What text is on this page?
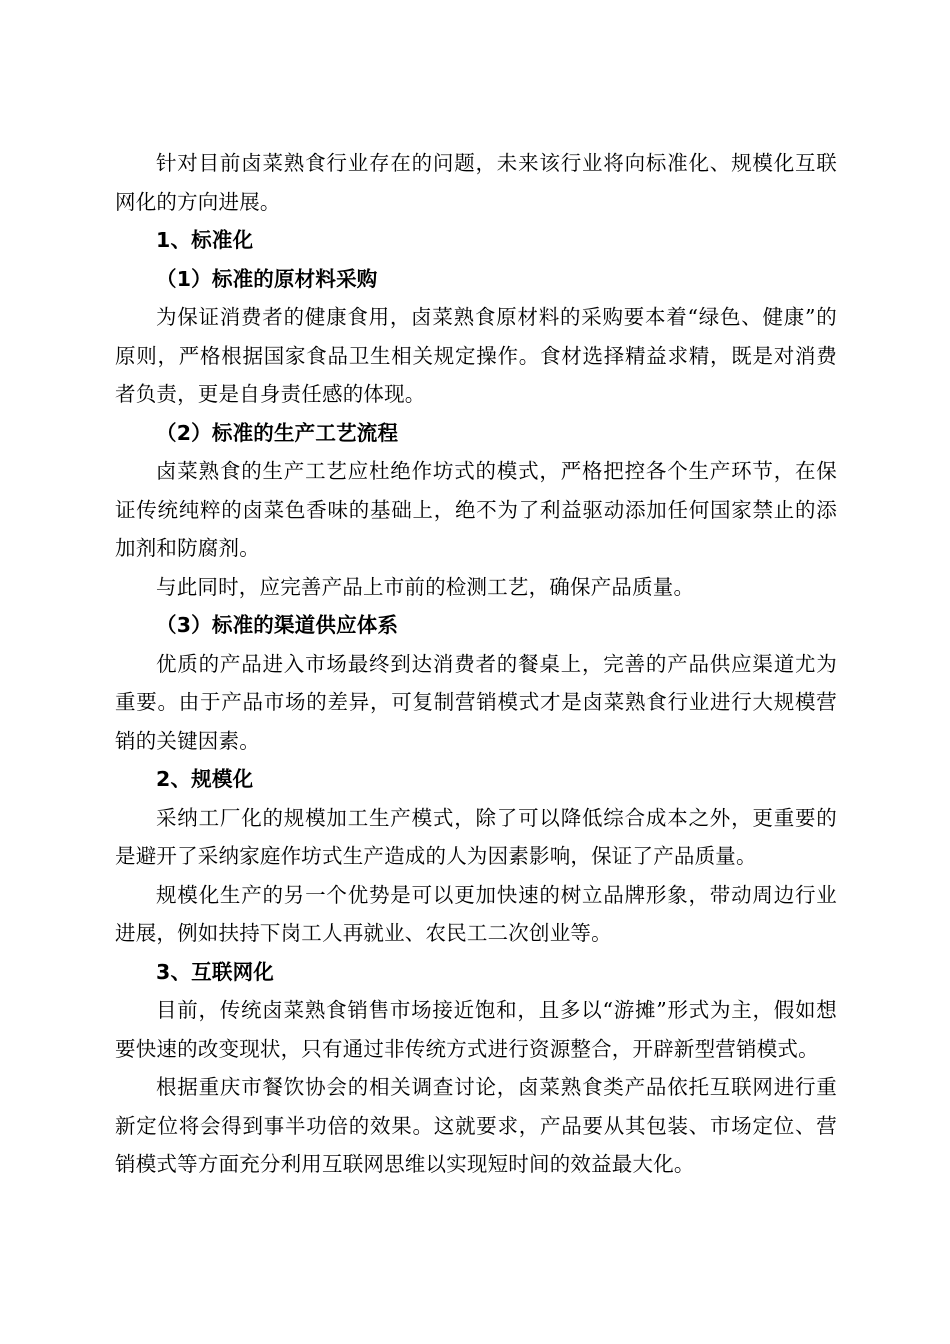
针对目前卤菜熟食行业存在的问题，未来该行业将向标准化、规模化互联网化的方向进展。

1、标准化

（1）标准的原材料采购

为保证消费者的健康食用，卤菜熟食原材料的采购要本着“绿色、健康”的原则，严格根据国家食品卫生相关规定操作。食材选择精益求精，既是对消费者负责，更是自身责任感的体现。

（2）标准的生产工艺流程

卤菜熟食的生产工艺应杜绝作坊式的模式，严格把控各个生产环节，在保证传统纯粹的卤菜色香味的基础上，绝不为了利益驱动添加任何国家禁止的添加剂和防腐剂。

与此同时，应完善产品上市前的检测工艺，确保产品质量。

（3）标准的渠道供应体系

优质的产品进入市场最终到达消费者的餐桌上，完善的产品供应渠道尤为重要。由于产品市场的差异，可复制营销模式才是卤菜熟食行业进行大规模营销的关键因素。

2、规模化

采纳工厂化的规模加工生产模式，除了可以降低综合成本之外，更重要的是避开了采纳家庭作坊式生产造成的人为因素影响，保证了产品质量。

规模化生产的另一个优势是可以更加快速的树立品牌形象，带动周边行业进展，例如扶持下岗工人再就业、农民工二次创业等。

3、互联网化

目前，传统卤菜熟食销售市场接近饱和，且多以“游摊”形式为主，假如想要快速的改变现状，只有通过非传统方式进行资源整合，开辟新型营销模式。

根据重庆市餐饮协会的相关调查讨论，卤菜熟食类产品依托互联网进行重新定位将会得到事半功倍的效果。这就要求，产品要从其包装、市场定位、营销模式等方面充分利用互联网思维以实现短时间的效益最大化。
